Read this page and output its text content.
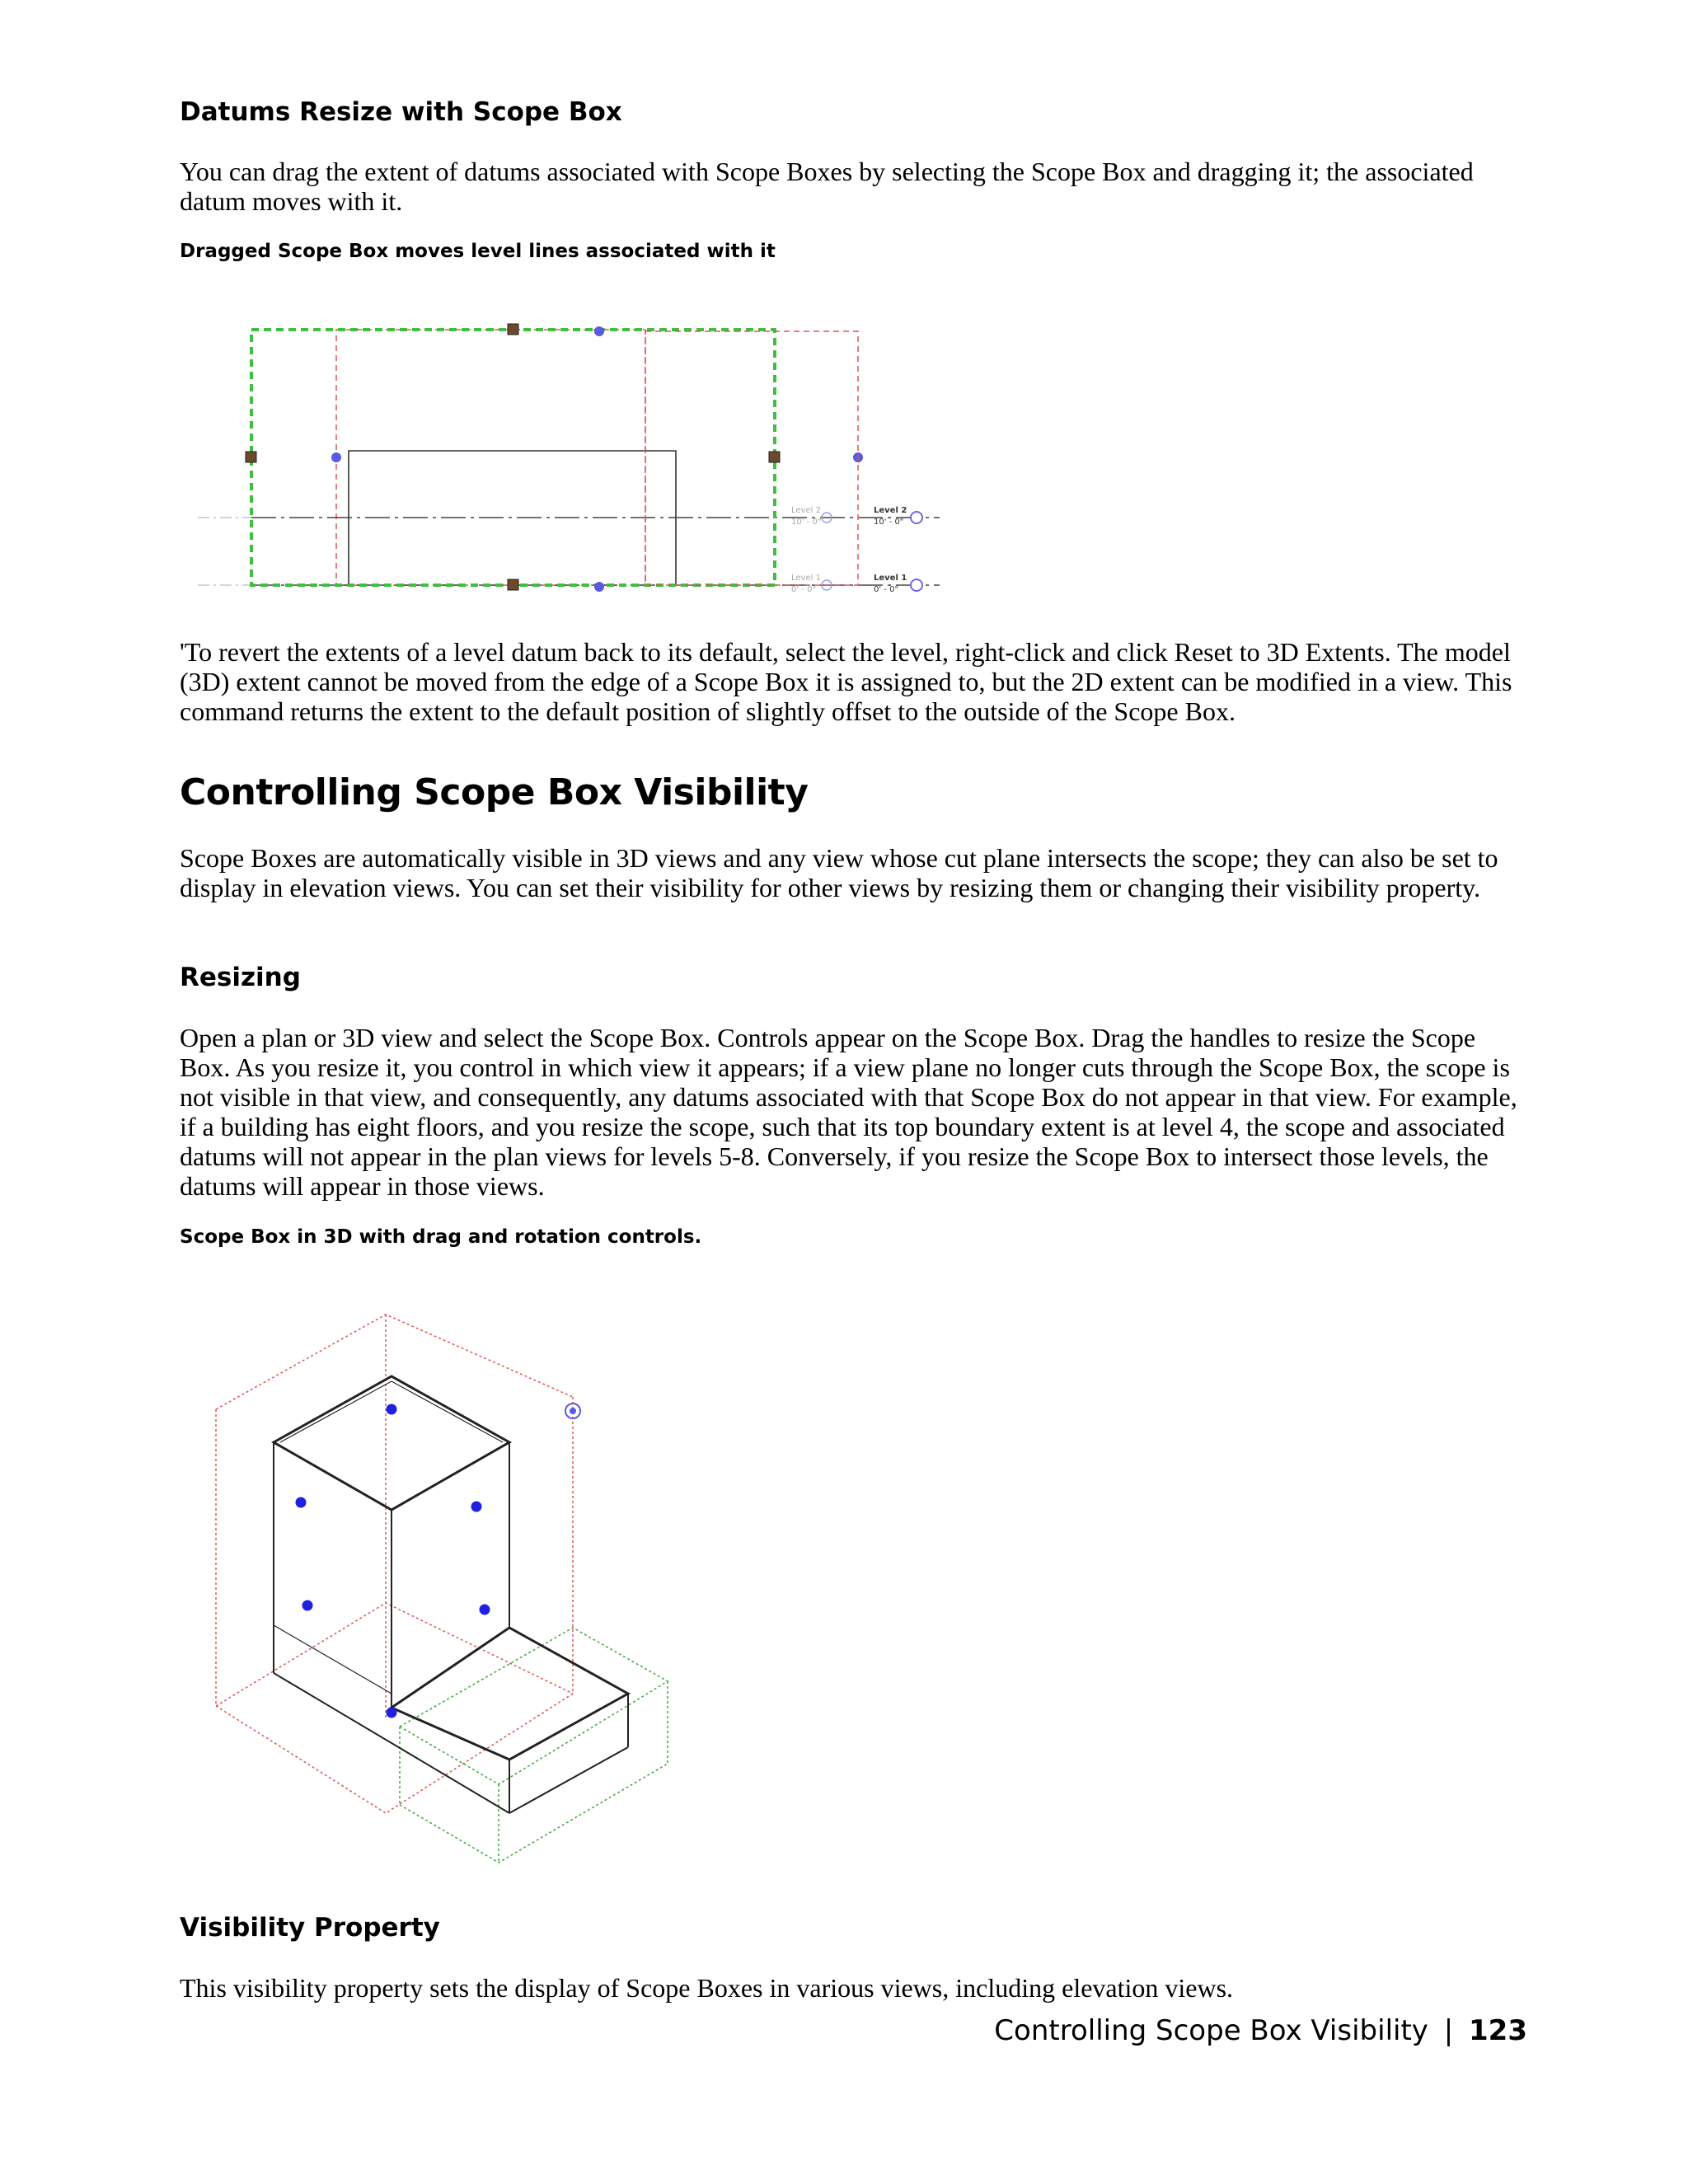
Datums Resize with Scope Box

You can drag the extent of datums associated with Scope Boxes by selecting the Scope Box and dragging it; the associated datum moves with it.

Dragged Scope Box moves level lines associated with it

Level 2
10' - 0"
Level 1
0' - 0"
Level 2
10' - 0"
Level 1
0' - 0"

'To revert the extents of a level datum back to its default, select the level, right-click and click Reset to 3D Extents. The model (3D) extent cannot be moved from the edge of a Scope Box it is assigned to, but the 2D extent can be modified in a view. This command returns the extent to the default position of slightly offset to the outside of the Scope Box.

Controlling Scope Box Visibility

Scope Boxes are automatically visible in 3D views and any view whose cut plane intersects the scope; they can also be set to display in elevation views. You can set their visibility for other views by resizing them or changing their visibility property.

Resizing

Open a plan or 3D view and select the Scope Box. Controls appear on the Scope Box. Drag the handles to resize the Scope Box. As you resize it, you control in which view it appears; if a view plane no longer cuts through the Scope Box, the scope is not visible in that view, and consequently, any datums associated with that Scope Box do not appear in that view. For example, if a building has eight floors, and you resize the scope, such that its top boundary extent is at level 4, the scope and associated datums will not appear in the plan views for levels 5-8. Conversely, if you resize the Scope Box to intersect those levels, the datums will appear in those views.

Scope Box in 3D with drag and rotation controls.

Visibility Property

This visibility property sets the display of Scope Boxes in various views, including elevation views.

Controlling Scope Box Visibility | 123
